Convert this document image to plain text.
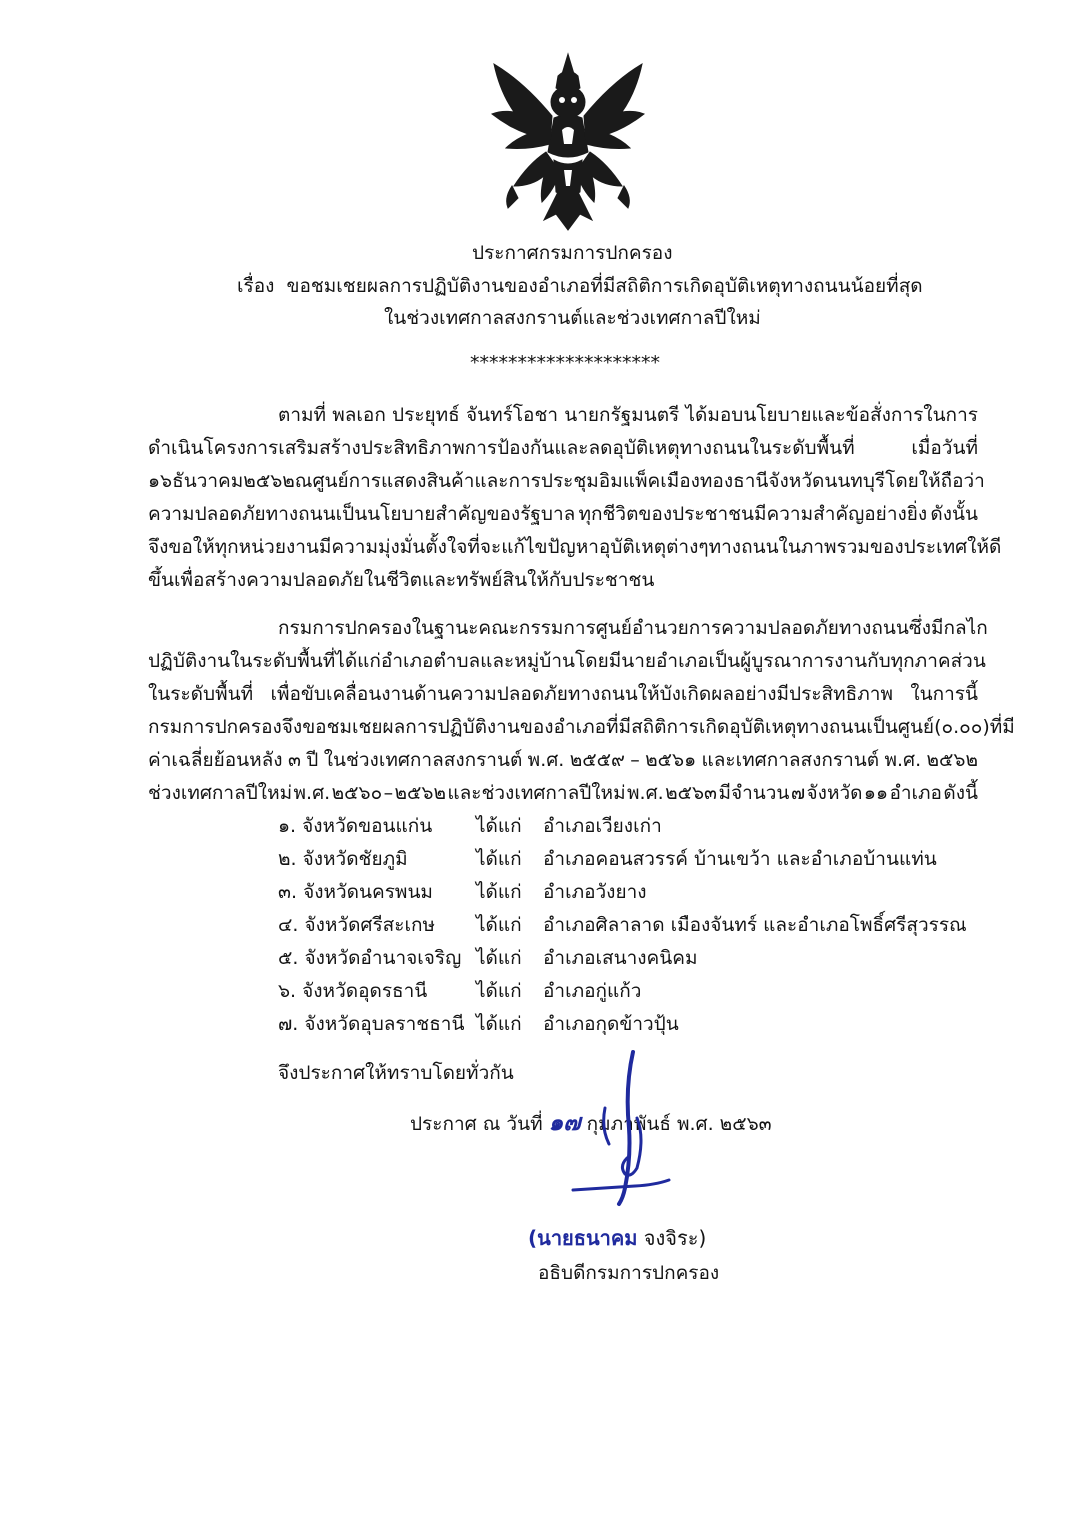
ประกาศกรมการปกครอง
เรื่อง ขอชมเชยผลการปฏิบัติงานของอำเภอที่มีสถิติการเกิดอุบัติเหตุทางถนนน้อยที่สุด
ในช่วงเทศกาลสงกรานต์และช่วงเทศกาลปีใหม่
********************
ตามที่ พลเอก ประยุทธ์ จันทร์โอชา นายกรัฐมนตรี ได้มอบนโยบายและข้อสั่งการในการ
ดำเนินโครงการเสริมสร้างประสิทธิภาพการป้องกันและลดอุบัติเหตุทางถนนในระดับพื้นที่	เมื่อวันที่
๑๖ ธันวาคม ๒๕๖๒ ณ ศูนย์การแสดงสินค้าและการประชุมอิมแพ็ค เมืองทองธานี จังหวัดนนทบุรี โดยให้ถือว่า
ความปลอดภัยทางถนนเป็นนโยบายสำคัญของรัฐบาล ทุกชีวิตของประชาชนมีความสำคัญอย่างยิ่ง ดังนั้น
จึงขอให้ทุกหน่วยงานมีความมุ่งมั่นตั้งใจที่จะแก้ไขปัญหาอุบัติเหตุต่าง ๆ ทางถนนในภาพรวมของประเทศให้ดี
ขึ้นเพื่อสร้างความปลอดภัยในชีวิตและทรัพย์สินให้กับประชาชน
กรมการปกครอง ในฐานะคณะกรรมการศูนย์อำนวยการความปลอดภัยทางถนนซึ่งมีกลไก
ปฏิบัติงานในระดับพื้นที่ ได้แก่ อำเภอ ตำบล และหมู่บ้าน โดยมีนายอำเภอเป็นผู้บูรณาการงานกับทุกภาคส่วน
ในระดับพื้นที่ เพื่อขับเคลื่อนงานด้านความปลอดภัยทางถนนให้บังเกิดผลอย่างมีประสิทธิภาพ ในการนี้
กรมการปกครองจึงขอชมเชยผลการปฏิบัติงานของอำเภอที่มีสถิติการเกิดอุบัติเหตุทางถนนเป็นศูนย์ (๐.๐๐) ที่มี
ค่าเฉลี่ยย้อนหลัง ๓ ปี ในช่วงเทศกาลสงกรานต์ พ.ศ. ๒๕๕๙ – ๒๕๖๑ และเทศกาลสงกรานต์ พ.ศ. ๒๕๖๒
ช่วงเทศกาลปีใหม่ พ.ศ. ๒๕๖๐ – ๒๕๖๒ และช่วงเทศกาลปีใหม่ พ.ศ. ๒๕๖๓ มีจำนวน ๗ จังหวัด ๑๑ อำเภอ ดังนี้
๑. จังหวัดขอนแก่น ได้แก่ อำเภอเวียงเก่า
๒. จังหวัดชัยภูมิ	ได้แก่ อำเภอคอนสวรรค์ บ้านเขว้า และอำเภอบ้านแท่น
๓. จังหวัดนครพนม ได้แก่ อำเภอวังยาง
๔. จังหวัดศรีสะเกษ ได้แก่ อำเภอศิลาลาด เมืองจันทร์ และอำเภอโพธิ์ศรีสุวรรณ
๕. จังหวัดอำนาจเจริญ ได้แก่ อำเภอเสนางคนิคม
๖. จังหวัดอุดรธานี	ได้แก่ อำเภอกู่แก้ว
๗. จังหวัดอุบลราชธานี ได้แก่ อำเภอกุดข้าวปุ้น
จึงประกาศให้ทราบโดยทั่วกัน
ประกาศ ณ วันที่ ๑๗ กุมภาพันธ์ พ.ศ. ๒๕๖๓
(นายธนาคม จงจิระ)
อธิบดีกรมการปกครอง
